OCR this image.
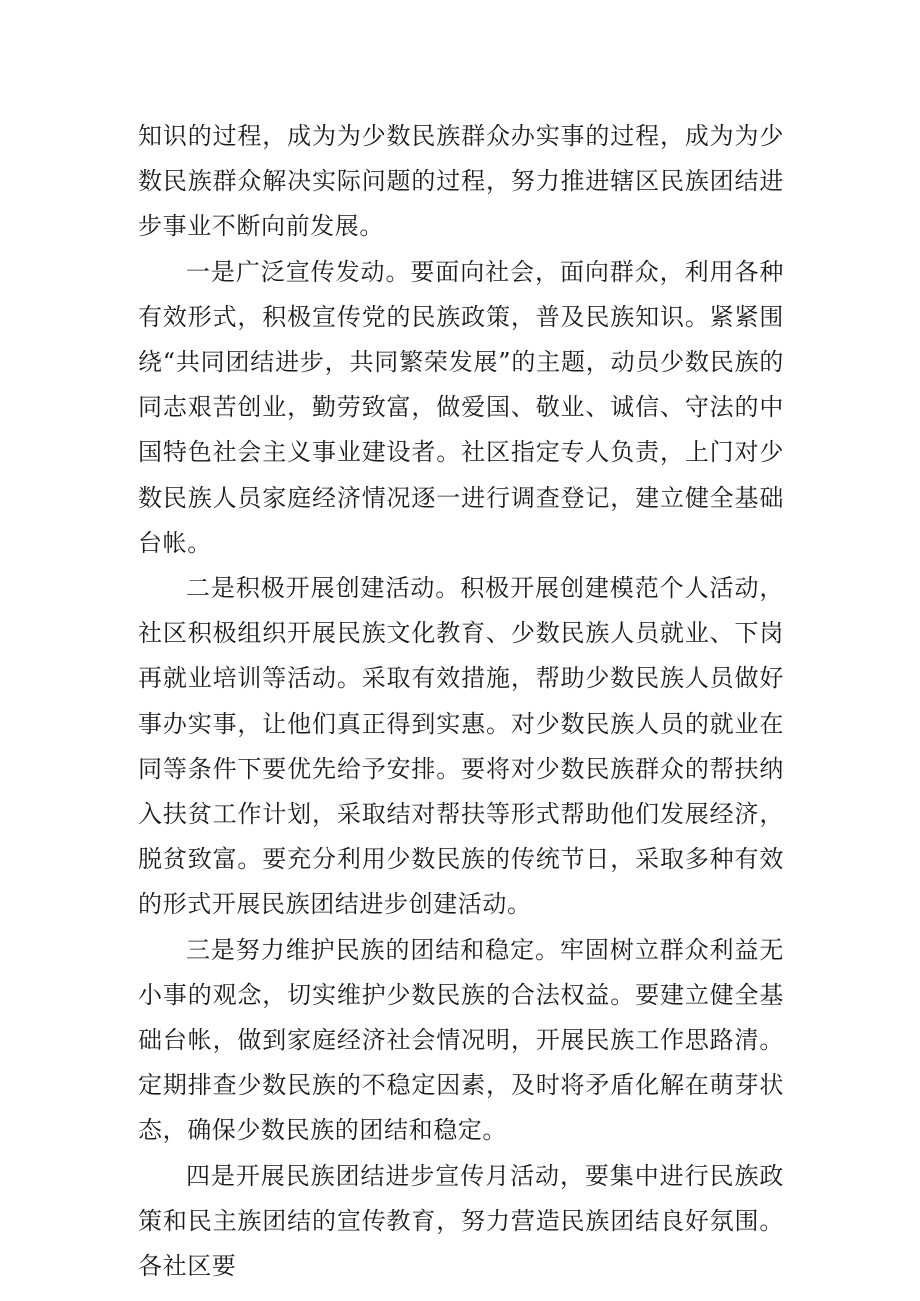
知识的过程，成为为少数民族群众办实事的过程，成为为少数民族群众解决实际问题的过程，努力推进辖区民族团结进步事业不断向前发展。

一是广泛宣传发动。要面向社会，面向群众，利用各种有效形式，积极宣传党的民族政策，普及民族知识。紧紧围绕“共同团结进步，共同繁荣发展”的主题，动员少数民族的同志艰苦创业，勤劳致富，做爱国、敬业、诚信、守法的中国特色社会主义事业建设者。社区指定专人负责，上门对少数民族人员家庭经济情况逐一进行调查登记，建立健全基础台帐。

二是积极开展创建活动。积极开展创建模范个人活动，社区积极组织开展民族文化教育、少数民族人员就业、下岗再就业培训等活动。采取有效措施，帮助少数民族人员做好事办实事，让他们真正得到实惠。对少数民族人员的就业在同等条件下要优先给予安排。要将对少数民族群众的帮扶纳入扶贫工作计划，采取结对帮扶等形式帮助他们发展经济，脱贫致富。要充分利用少数民族的传统节日，采取多种有效的形式开展民族团结进步创建活动。

三是努力维护民族的团结和稳定。牢固树立群众利益无小事的观念，切实维护少数民族的合法权益。要建立健全基础台帐，做到家庭经济社会情况明，开展民族工作思路清。定期排查少数民族的不稳定因素，及时将矛盾化解在萌芽状态，确保少数民族的团结和稳定。

四是开展民族团结进步宣传月活动，要集中进行民族政策和民主族团结的宣传教育，努力营造民族团结良好氛围。各社区要
